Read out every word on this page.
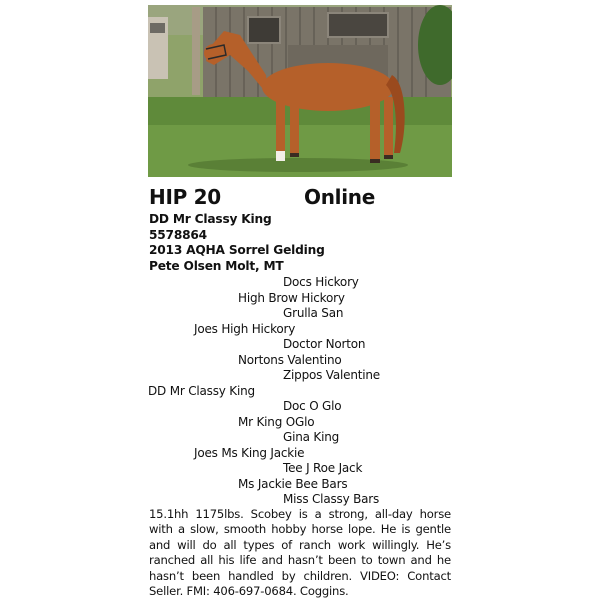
HIP 20	Online
DD Mr Classy King
5578864
2013 AQHA Sorrel Gelding
Pete Olsen Molt, MT
Docs Hickory
High Brow Hickory
Grulla San
Joes High Hickory
Doctor Norton
Nortons Valentino
Zippos Valentine
DD Mr Classy King
Doc O Glo
Mr King OGlo
Gina King
Joes Ms King Jackie
Tee J Roe Jack
Ms Jackie Bee Bars
Miss Classy Bars
15.1hh 1175lbs. Scobey is a strong, all-day horse with a slow, smooth hobby horse lope. He is gentle and will do all types of ranch work willingly. He’s ranched all his life and hasn’t been to town and he hasn’t been handled by children. VIDEO: Contact Seller. FMI: 406-697-0684. Coggins.
